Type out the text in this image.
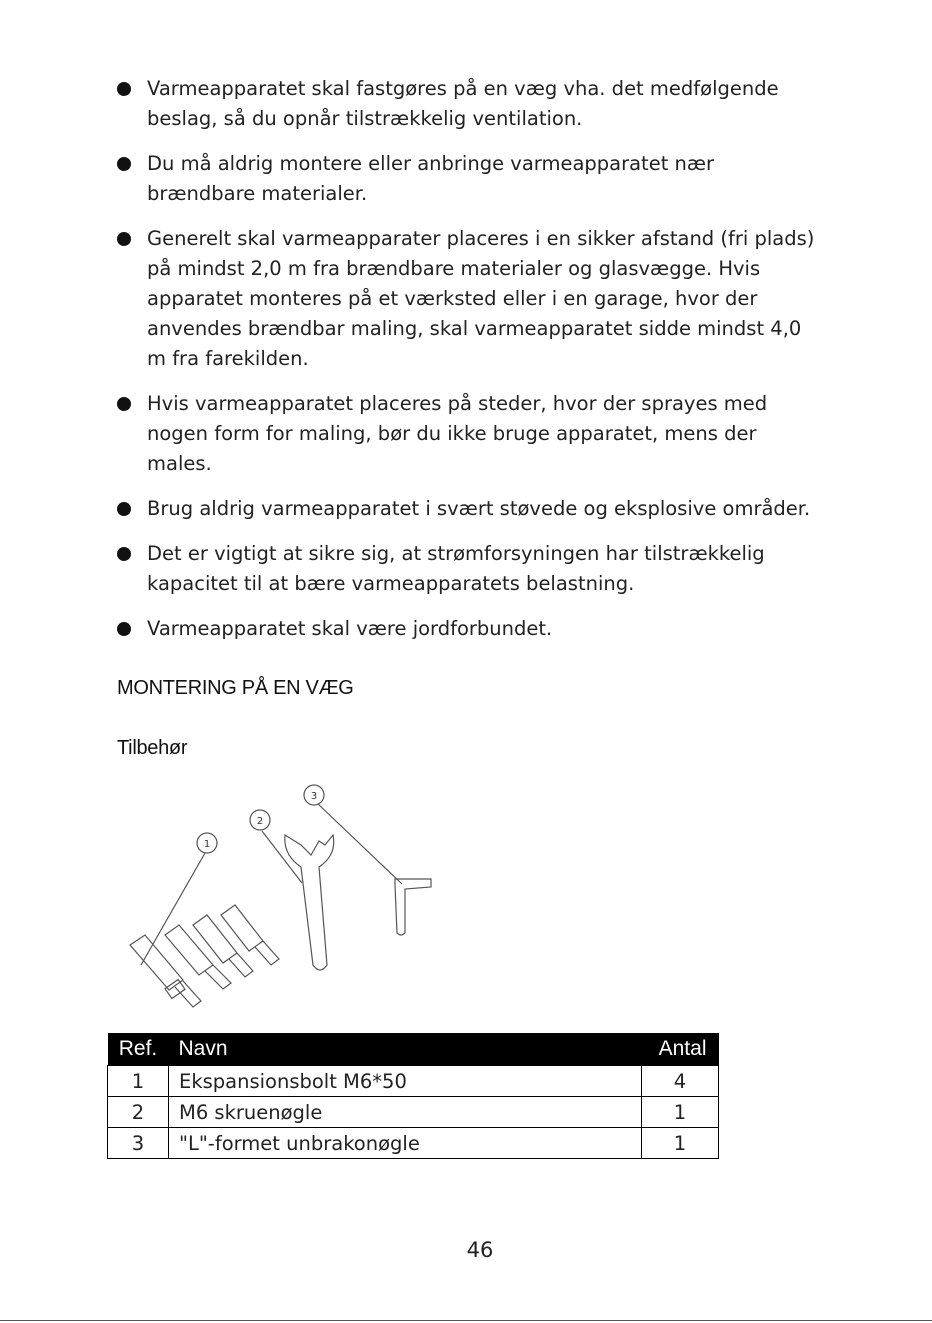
Varmeapparatet skal fastgøres på en væg vha. det medfølgende beslag, så du opnår tilstrækkelig ventilation.
Du må aldrig montere eller anbringe varmeapparatet nær brændbare materialer.
Generelt skal varmeapparater placeres i en sikker afstand (fri plads) på mindst 2,0 m fra brændbare materialer og glasvægge. Hvis apparatet monteres på et værksted eller i en garage, hvor der anvendes brændbar maling, skal varmeapparatet sidde mindst 4,0 m fra farekilden.
Hvis varmeapparatet placeres på steder, hvor der sprayes med nogen form for maling, bør du ikke bruge apparatet, mens der males.
Brug aldrig varmeapparatet i svært støvede og eksplosive områder.
Det er vigtigt at sikre sig, at strømforsyningen har tilstrækkelig kapacitet til at bære varmeapparatets belastning.
Varmeapparatet skal være jordforbundet.
MONTERING PÅ EN VÆG
Tilbehør
1
2
3
Ref.	Navn	Antal
1	Ekspansionsbolt M6*50	4
2	M6 skruenøgle	1
3	"L"-formet unbrakonøgle	1
46
